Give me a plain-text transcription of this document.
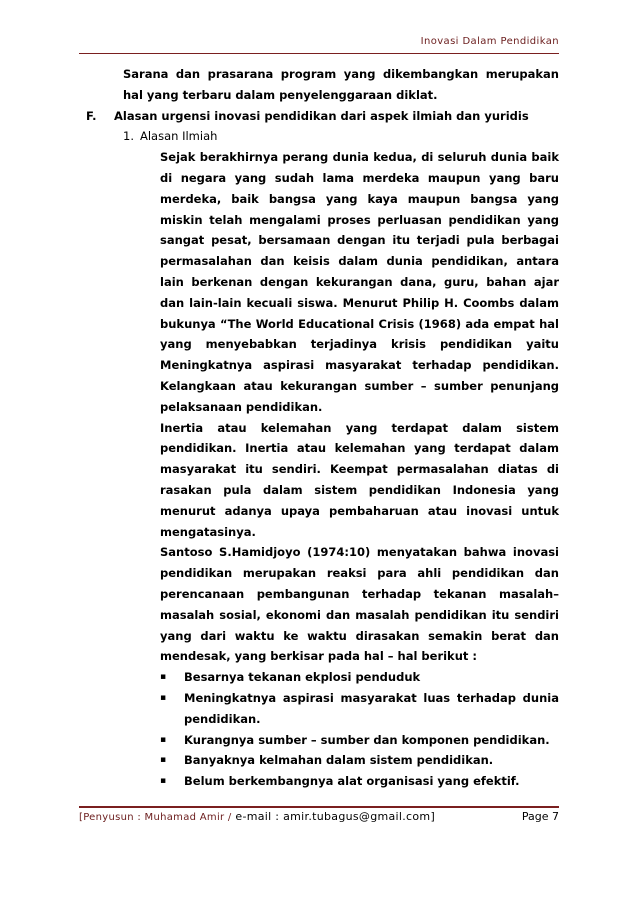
Inovasi Dalam Pendidikan

Sarana dan prasarana program yang dikembangkan merupakan hal yang terbaru dalam penyelenggaraan diklat.

F.	Alasan urgensi inovasi pendidikan dari aspek ilmiah dan yuridis
1. Alasan Ilmiah

Sejak berakhirnya perang dunia kedua, di seluruh dunia baik di negara yang sudah lama merdeka maupun yang baru merdeka, baik bangsa yang kaya maupun bangsa yang miskin telah mengalami proses perluasan pendidikan yang sangat pesat, bersamaan dengan itu terjadi pula berbagai permasalahan dan keisis dalam dunia pendidikan, antara lain berkenan dengan kekurangan dana, guru, bahan ajar dan lain-lain kecuali siswa. Menurut Philip H. Coombs dalam bukunya “The World Educational Crisis (1968) ada empat hal yang menyebabkan terjadinya krisis pendidikan yaitu Meningkatnya aspirasi masyarakat terhadap pendidikan. Kelangkaan atau kekurangan sumber – sumber penunjang pelaksanaan pendidikan.

Inertia atau kelemahan yang terdapat dalam sistem pendidikan. Inertia atau kelemahan yang terdapat dalam masyarakat itu sendiri. Keempat permasalahan diatas di rasakan pula dalam sistem pendidikan Indonesia yang menurut adanya upaya pembaharuan atau inovasi untuk mengatasinya.

Santoso S.Hamidjoyo (1974:10) menyatakan bahwa inovasi pendidikan merupakan reaksi para ahli pendidikan dan perencanaan pembangunan terhadap tekanan masalah–masalah sosial, ekonomi dan masalah pendidikan itu sendiri yang dari waktu ke waktu dirasakan semakin berat dan mendesak, yang berkisar pada hal – hal berikut :

▪	Besarnya tekanan ekplosi penduduk
▪	Meningkatnya aspirasi masyarakat luas terhadap dunia pendidikan.
▪	Kurangnya sumber – sumber dan komponen pendidikan.
▪	Banyaknya kelmahan dalam sistem pendidikan.
▪	Belum berkembangnya alat organisasi yang efektif.
[Penyusun : Muhamad Amir / e-mail : amir.tubagus@gmail.com]	Page 7
